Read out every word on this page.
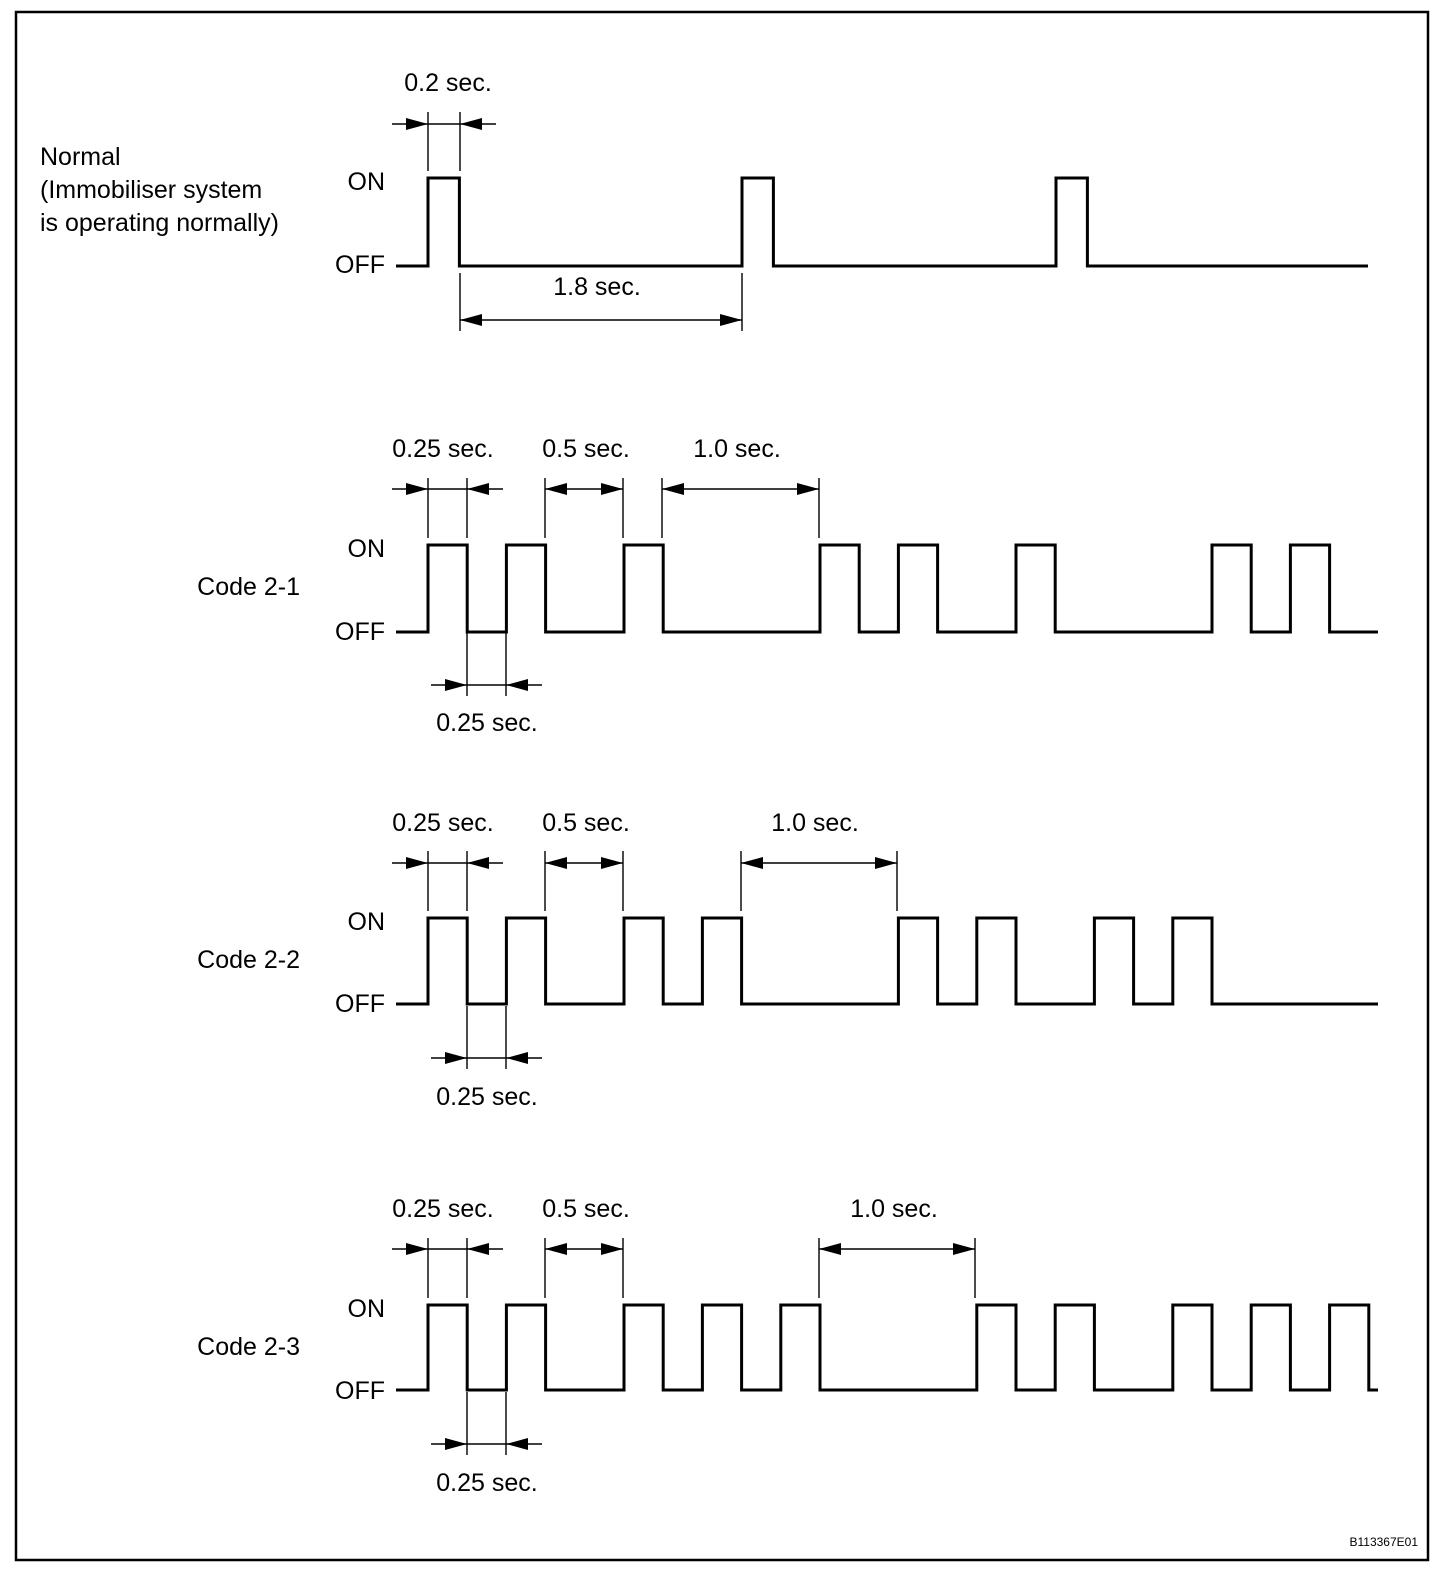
Normal
(Immobiliser system
is operating normally)
ON
OFF
0.2 sec.
1.8 sec.
Code 2-1
ON
OFF
0.25 sec. 0.5 sec.	1.0 sec.
0.25 sec.
Code 2-2
ON
OFF
0.25 sec. 0.5 sec.	1.0 sec.
0.25 sec.
Code 2-3
ON
OFF
0.25 sec. 0.5 sec.	1.0 sec.
0.25 sec.
B113367E01
